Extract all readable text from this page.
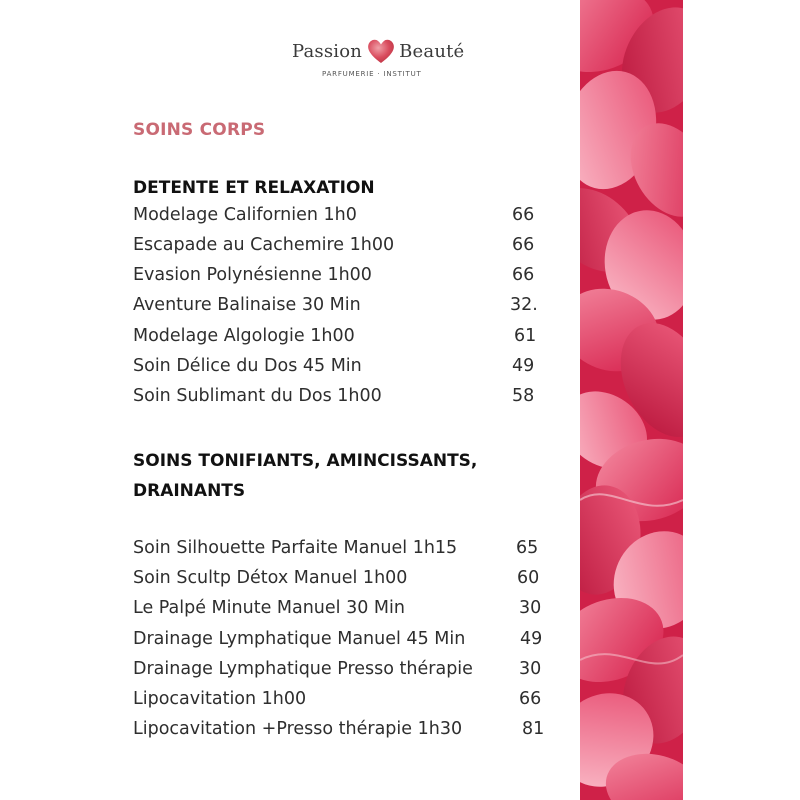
Passion Beauté
PARFUMERIE · INSTITUT
SOINS CORPS
DETENTE ET RELAXATION
Modelage Californien 1h0	66
Escapade au Cachemire 1h00	66
Evasion Polynésienne 1h00	66
Aventure Balinaise 30 Min	32.
Modelage Algologie 1h00	61
Soin Délice du Dos 45 Min	49
Soin Sublimant du Dos 1h00	58
SOINS TONIFIANTS, AMINCISSANTS,
DRAINANTS
Soin Silhouette Parfaite Manuel 1h15	65
Soin Scultp Détox Manuel 1h00	60
Le Palpé Minute Manuel 30 Min	30
Drainage Lymphatique Manuel 45 Min	49
Drainage Lymphatique Presso thérapie	30
Lipocavitation 1h00	66
Lipocavitation +Presso thérapie 1h30	81
